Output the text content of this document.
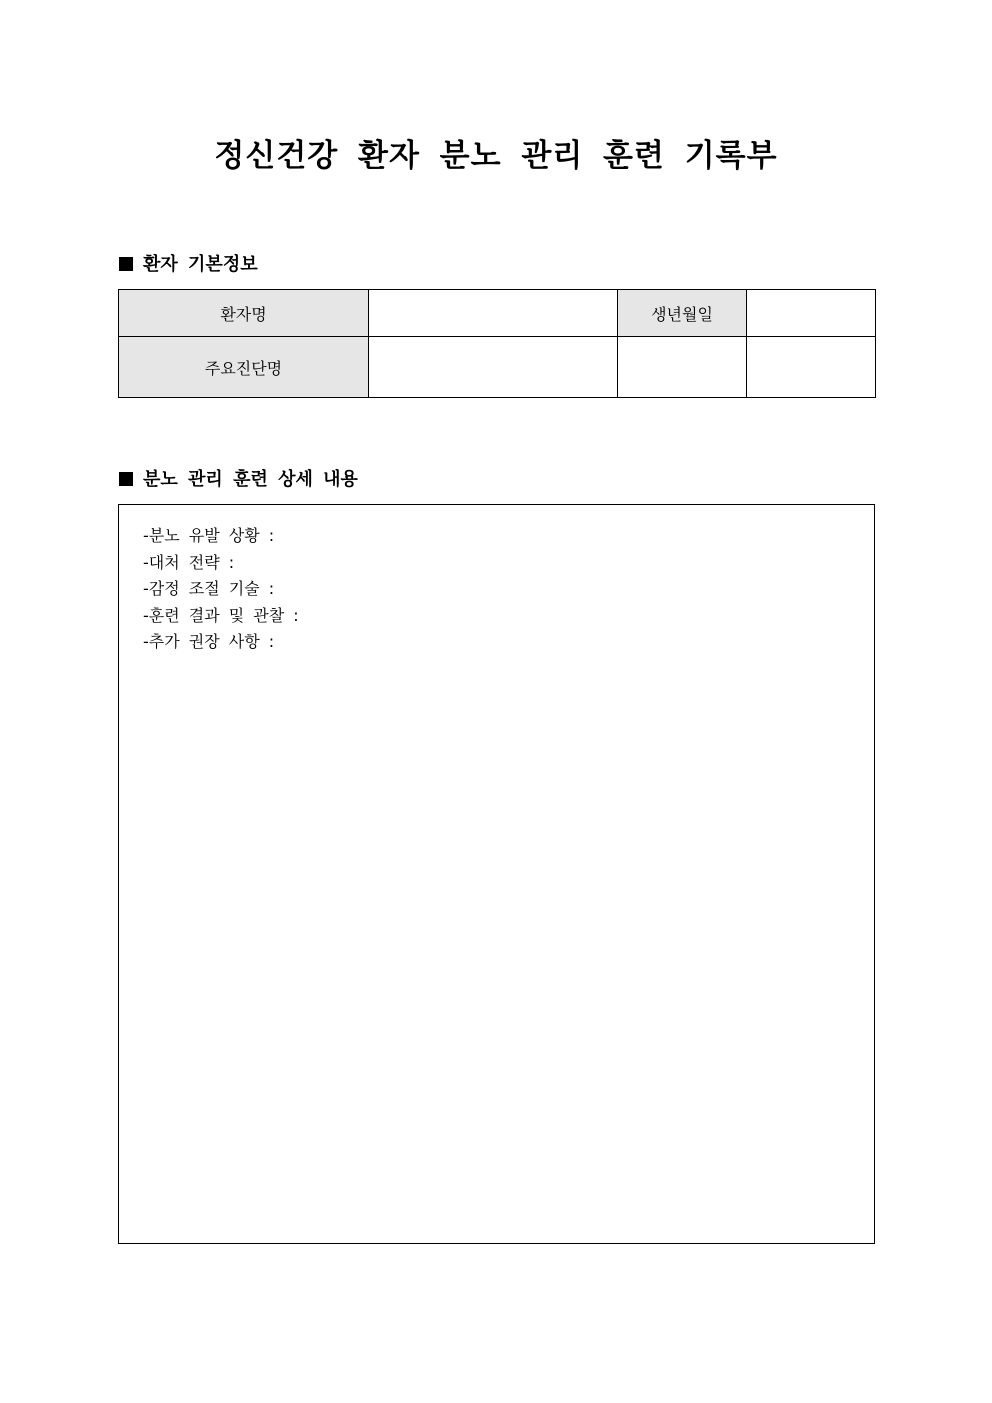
정신건강 환자 분노 관리 훈련 기록부
환자 기본정보
환자명		생년월일	
주요진단명			
분노 관리 훈련 상세 내용
-분노 유발 상황 :
-대처 전략 :
-감정 조절 기술 :
-훈련 결과 및 관찰 :
-추가 권장 사항 :
